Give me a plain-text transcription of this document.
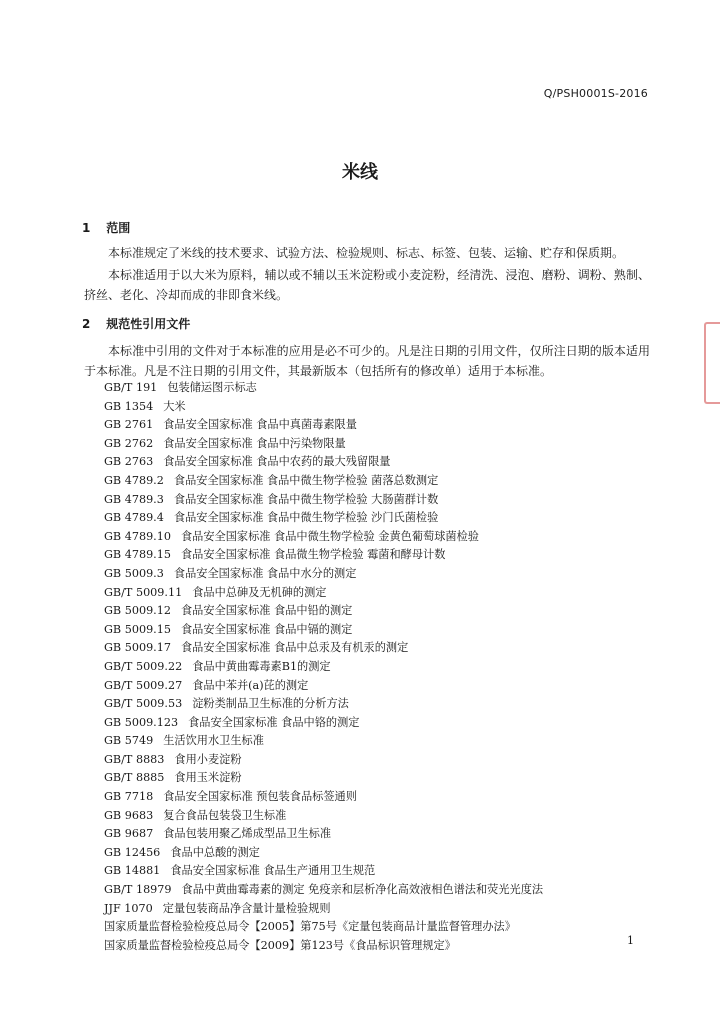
Q/PSH0001S-2016
米线
1 范围
本标准规定了米线的技术要求、试验方法、检验规则、标志、标签、包装、运输、贮存和保质期。
本标准适用于以大米为原料，辅以或不辅以玉米淀粉或小麦淀粉，经清洗、浸泡、磨粉、调粉、熟制、挤丝、老化、冷却而成的非即食米线。
2 规范性引用文件
本标准中引用的文件对于本标准的应用是必不可少的。凡是注日期的引用文件，仅所注日期的版本适用于本标准。凡是不注日期的引用文件，其最新版本（包括所有的修改单）适用于本标准。
GB/T 191 包装储运图示标志
GB 1354 大米
GB 2761 食品安全国家标准 食品中真菌毒素限量
GB 2762 食品安全国家标准 食品中污染物限量
GB 2763 食品安全国家标准 食品中农药的最大残留限量
GB 4789.2 食品安全国家标准 食品中微生物学检验 菌落总数测定
GB 4789.3 食品安全国家标准 食品中微生物学检验 大肠菌群计数
GB 4789.4 食品安全国家标准 食品中微生物学检验 沙门氏菌检验
GB 4789.10 食品安全国家标准 食品中微生物学检验 金黄色葡萄球菌检验
GB 4789.15 食品安全国家标准 食品微生物学检验 霉菌和酵母计数
GB 5009.3 食品安全国家标准 食品中水分的测定
GB/T 5009.11 食品中总砷及无机砷的测定
GB 5009.12 食品安全国家标准 食品中铅的测定
GB 5009.15 食品安全国家标准 食品中镉的测定
GB 5009.17 食品安全国家标准 食品中总汞及有机汞的测定
GB/T 5009.22 食品中黄曲霉毒素B1的测定
GB/T 5009.27 食品中苯并(a)芘的测定
GB/T 5009.53 淀粉类制品卫生标准的分析方法
GB 5009.123 食品安全国家标准 食品中铬的测定
GB 5749 生活饮用水卫生标准
GB/T 8883 食用小麦淀粉
GB/T 8885 食用玉米淀粉
GB 7718 食品安全国家标准 预包装食品标签通则
GB 9683 复合食品包装袋卫生标准
GB 9687 食品包装用聚乙烯成型品卫生标准
GB 12456 食品中总酸的测定
GB 14881 食品安全国家标准 食品生产通用卫生规范
GB/T 18979 食品中黄曲霉毒素的测定 免疫亲和层析净化高效液相色谱法和荧光光度法
JJF 1070 定量包装商品净含量计量检验规则
国家质量监督检验检疫总局令【2005】第75号《定量包装商品计量监督管理办法》
国家质量监督检验检疫总局令【2009】第123号《食品标识管理规定》	1
